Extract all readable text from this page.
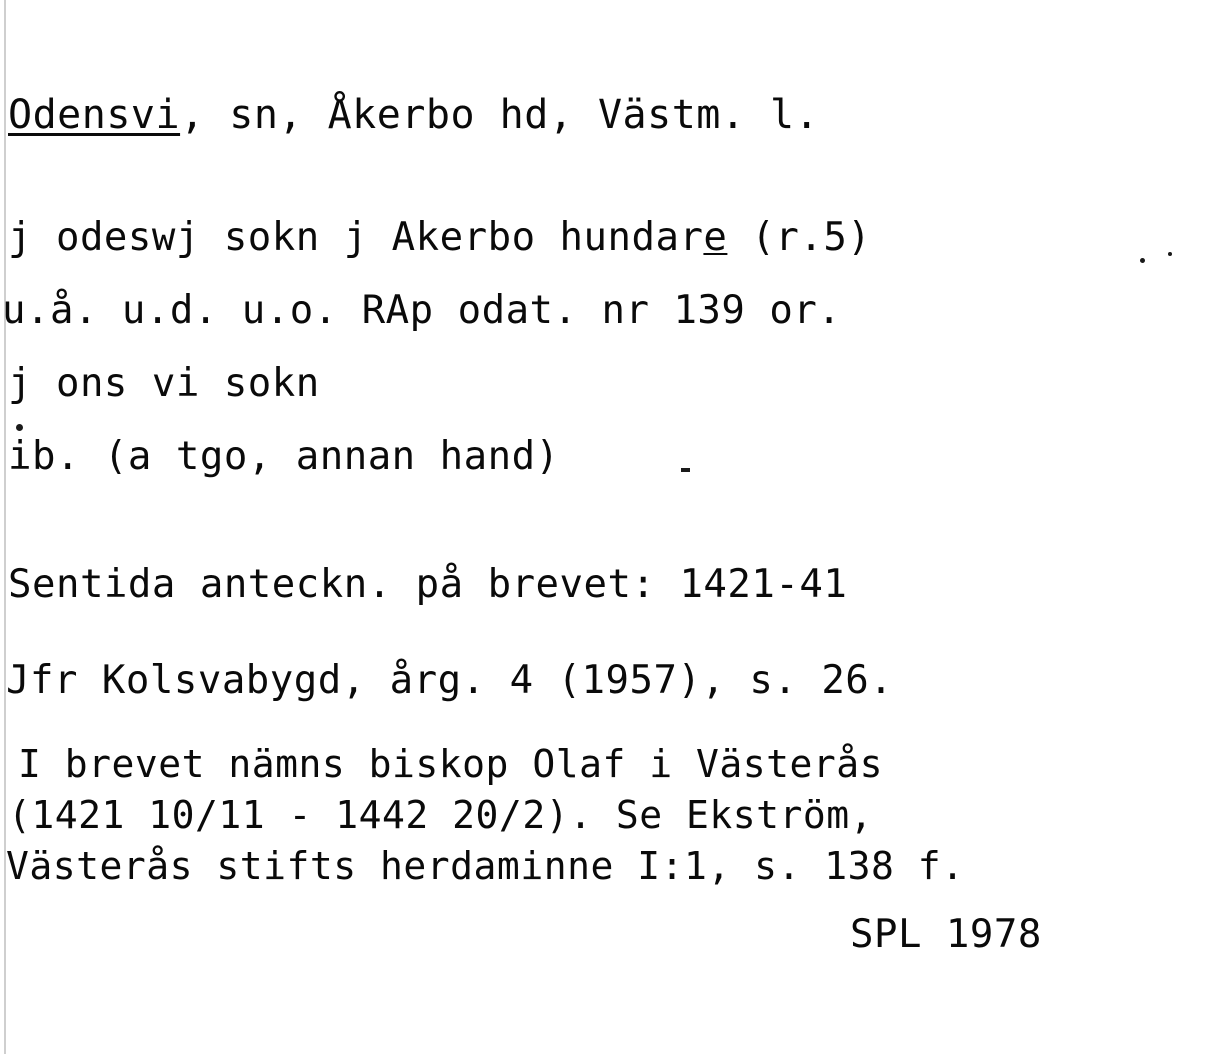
Odensvi, sn, Åkerbo hd, Västm. l.
j odeswj sokn j Akerbo hundare (r.5)
u.å. u.d. u.o. RAp odat. nr 139 or.
j ons vi sokn
ib. (a tgo, annan hand)
Sentida anteckn. på brevet: 1421-41
Jfr Kolsvabygd, årg. 4 (1957), s. 26.
I brevet nämns biskop Olaf i Västerås
(1421 10/11 - 1442 20/2). Se Ekström,
Västerås stifts herdaminne I:1, s. 138 f.
SPL 1978
